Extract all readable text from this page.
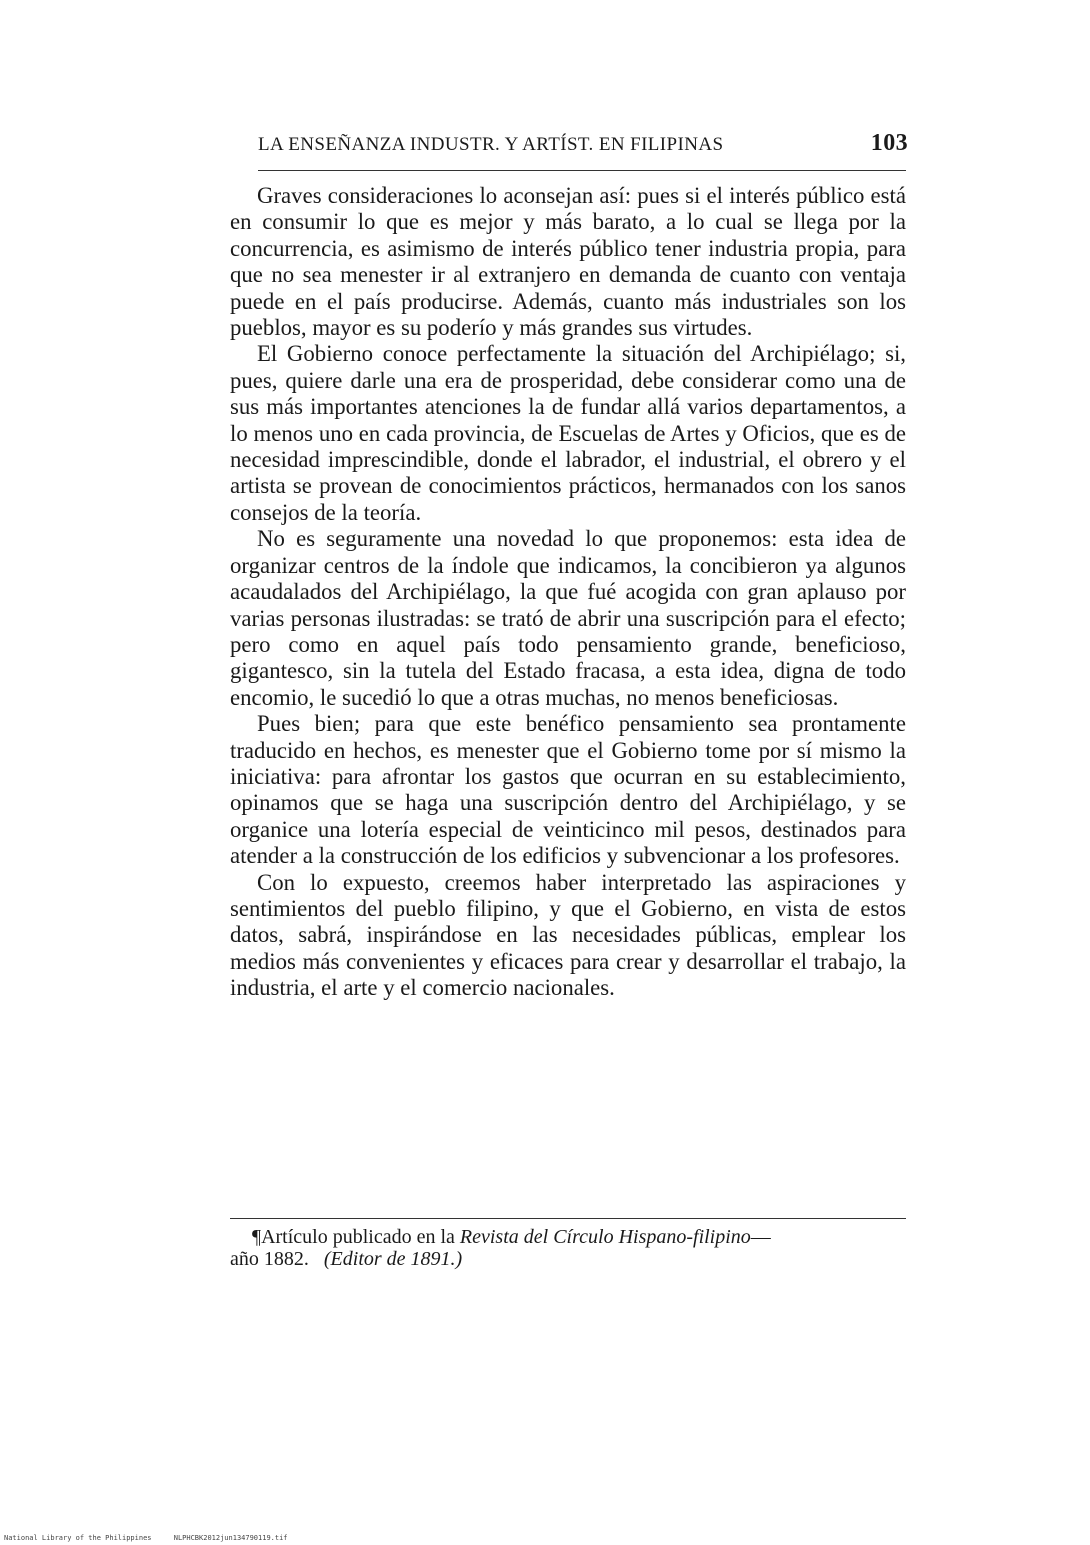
LA ENSEÑANZA INDUSTR. Y ARTÍST. EN FILIPINAS	103

Graves consideraciones lo aconsejan así: pues si el interés público está en consumir lo que es mejor y más barato, a lo cual se llega por la concurrencia, es asimismo de interés público tener industria propia, para que no sea menester ir al extranjero en demanda de cuanto con ventaja puede en el país producirse. Además, cuanto más industriales son los pueblos, mayor es su poderío y más grandes sus virtudes.

El Gobierno conoce perfectamente la situación del Archipiélago; si, pues, quiere darle una era de prosperidad, debe considerar como una de sus más importantes atenciones la de fundar allá varios departamentos, a lo menos uno en cada provincia, de Escuelas de Artes y Oficios, que es de necesidad imprescindible, donde el labrador, el industrial, el obrero y el artista se provean de conocimientos prácticos, hermanados con los sanos consejos de la teoría.

No es seguramente una novedad lo que proponemos: esta idea de organizar centros de la índole que indicamos, la concibieron ya algunos acaudalados del Archipiélago, la que fué acogida con gran aplauso por varias personas ilustradas: se trató de abrir una suscripción para el efecto; pero como en aquel país todo pensamiento grande, beneficioso, gigantesco, sin la tutela del Estado fracasa, a esta idea, digna de todo encomio, le sucedió lo que a otras muchas, no menos beneficiosas.

Pues bien; para que este benéfico pensamiento sea prontamente traducido en hechos, es menester que el Gobierno tome por sí mismo la iniciativa: para afrontar los gastos que ocurran en su establecimiento, opinamos que se haga una suscripción dentro del Archipiélago, y se organice una lotería especial de veinticinco mil pesos, destinados para atender a la construcción de los edificios y subvencionar a los profesores.

Con lo expuesto, creemos haber interpretado las aspiraciones y sentimientos del pueblo filipino, y que el Gobierno, en vista de estos datos, sabrá, inspirándose en las necesidades públicas, emplear los medios más convenientes y eficaces para crear y desarrollar el trabajo, la industria, el arte y el comercio nacionales.

¶Artículo publicado en la Revista del Círculo Hispano-filipino—
año 1882. (Editor de 1891.)
National Library of the Philippines	NLPHCBK2012jun134790119.tif
